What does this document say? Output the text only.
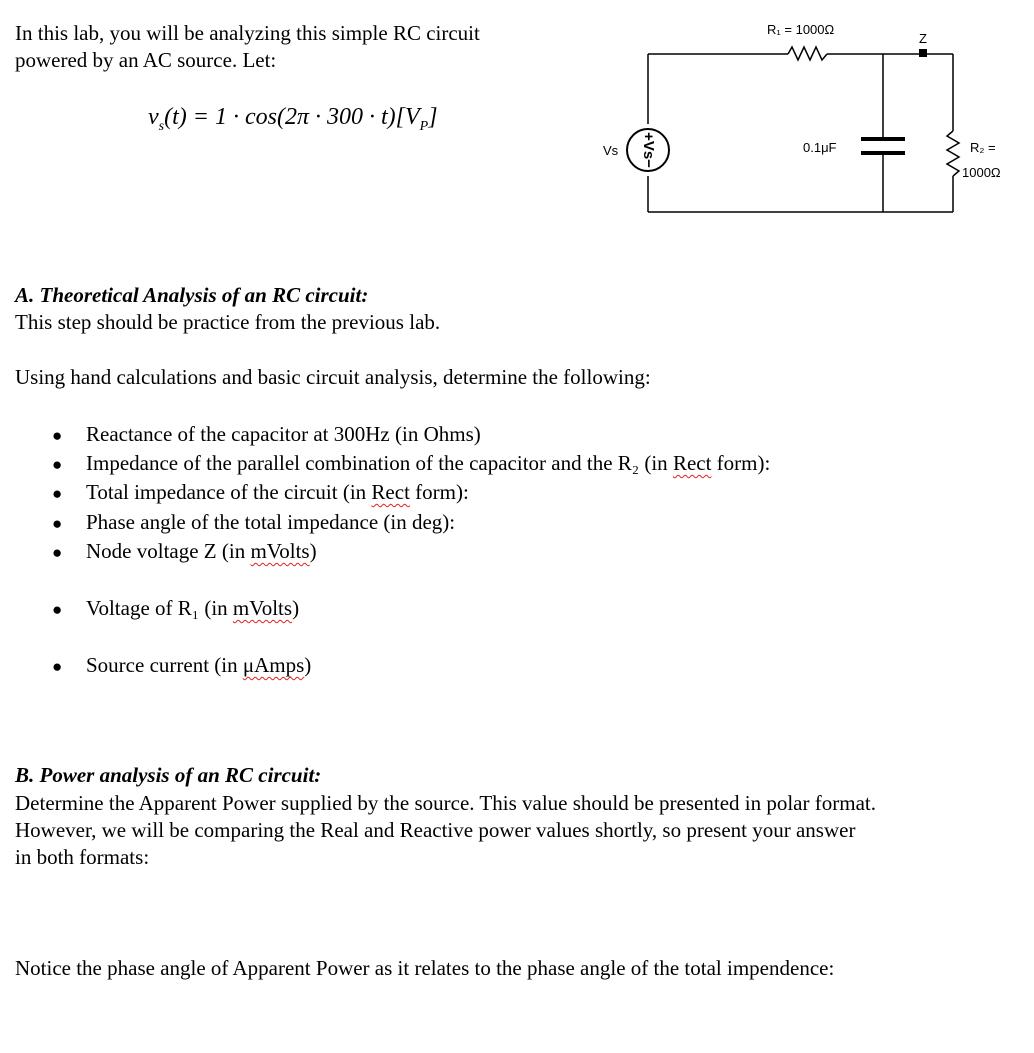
In this lab, you will be analyzing this simple RC circuit
powered by an AC source. Let:
$v_s(t) = 1 \cdot \cos(2\pi \cdot 300 \cdot t)[V_P]$
+Vs−
R₁ = 1000Ω
Z
Vs	0.1μF	R₂ =
1000Ω
A. Theoretical Analysis of an RC circuit:
This step should be practice from the previous lab.
Using hand calculations and basic circuit analysis, determine the following:
● Reactance of the capacitor at 300Hz (in Ohms)
● Impedance of the parallel combination of the capacitor and the R₂ (in Rect form):
● Total impedance of the circuit (in Rect form):
● Phase angle of the total impedance (in deg):
● Node voltage Z (in mVolts)
● Voltage of R₁ (in mVolts)
● Source current (in μAmps)
B. Power analysis of an RC circuit:
Determine the Apparent Power supplied by the source. This value should be presented in polar format.
However, we will be comparing the Real and Reactive power values shortly, so present your answer
in both formats:
Notice the phase angle of Apparent Power as it relates to the phase angle of the total impendence:
